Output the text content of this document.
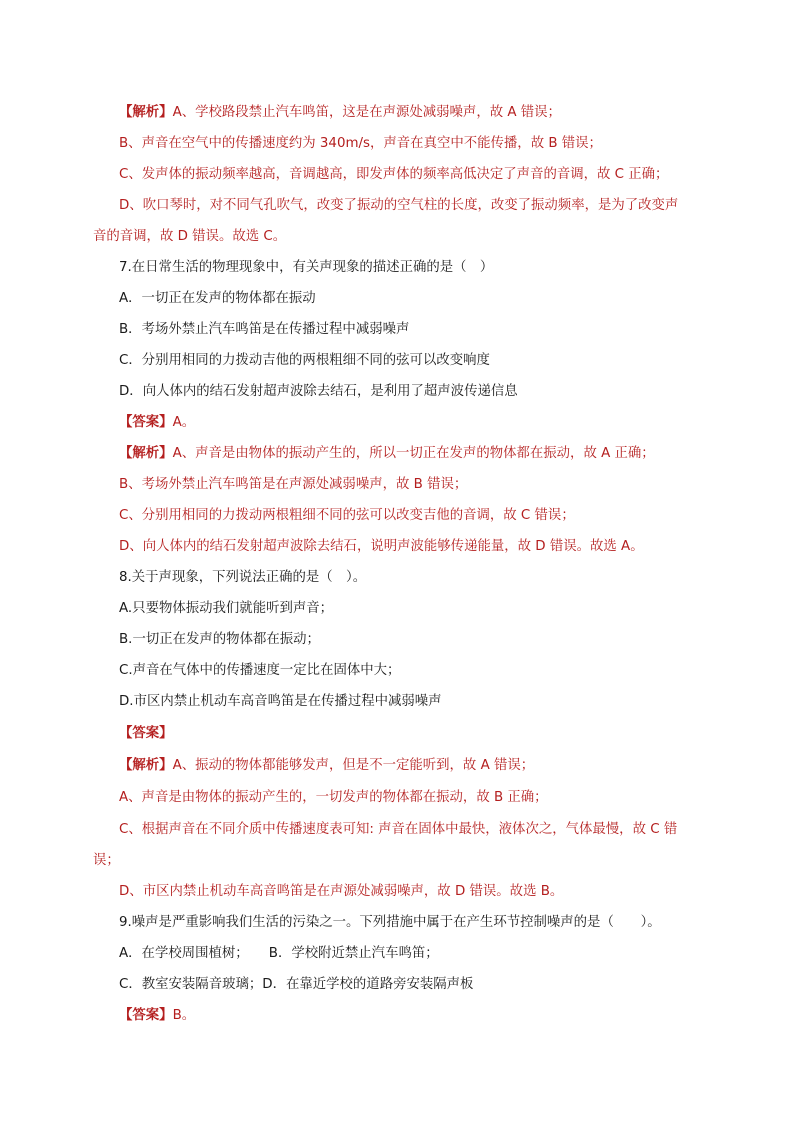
【解析】A、学校路段禁止汽车鸣笛，这是在声源处减弱噪声，故 A 错误；
B、声音在空气中的传播速度约为 340m/s，声音在真空中不能传播，故 B 错误；
C、发声体的振动频率越高，音调越高，即发声体的频率高低决定了声音的音调，故 C 正确；
D、吹口琴时，对不同气孔吹气，改变了振动的空气柱的长度，改变了振动频率，是为了改变声
音的音调，故 D 错误。故选 C。
7.在日常生活的物理现象中，有关声现象的描述正确的是（　）
A．一切正在发声的物体都在振动
B．考场外禁止汽车鸣笛是在传播过程中减弱噪声
C．分别用相同的力拨动吉他的两根粗细不同的弦可以改变响度
D．向人体内的结石发射超声波除去结石，是利用了超声波传递信息
【答案】A。
【解析】A、声音是由物体的振动产生的，所以一切正在发声的物体都在振动，故 A 正确；
B、考场外禁止汽车鸣笛是在声源处减弱噪声，故 B 错误；
C、分别用相同的力拨动两根粗细不同的弦可以改变吉他的音调，故 C 错误；
D、向人体内的结石发射超声波除去结石，说明声波能够传递能量，故 D 错误。故选 A。
8.关于声现象，下列说法正确的是（　）。
A.只要物体振动我们就能听到声音；
B.一切正在发声的物体都在振动；
C.声音在气体中的传播速度一定比在固体中大；
D.市区内禁止机动车高音鸣笛是在传播过程中减弱噪声
【答案】
【解析】A、振动的物体都能够发声，但是不一定能听到，故 A 错误；
A、声音是由物体的振动产生的，一切发声的物体都在振动，故 B 正确；
C、根据声音在不同介质中传播速度表可知: 声音在固体中最快，液体次之，气体最慢，故 C 错
误；
D、市区内禁止机动车高音鸣笛是在声源处减弱噪声，故 D 错误。故选 B。
9.噪声是严重影响我们生活的污染之一。下列措施中属于在产生环节控制噪声的是（　　）。
A．在学校周围植树；　　B．学校附近禁止汽车鸣笛；
C．教室安装隔音玻璃；D．在靠近学校的道路旁安装隔声板
【答案】B。
